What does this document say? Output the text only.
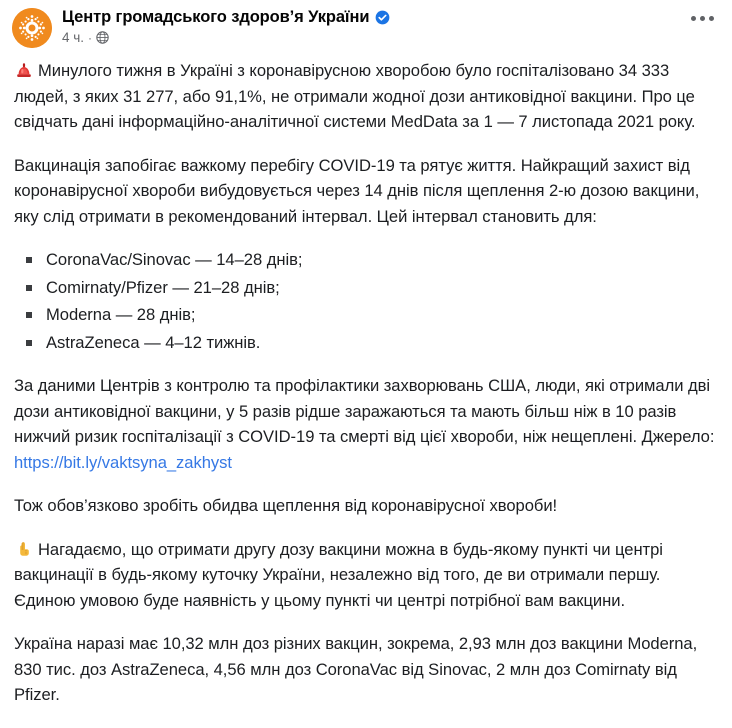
Центр громадського здоров’я України
4 ч. ·

Минулого тижня в Україні з коронавірусною хворобою було госпіталізовано 34 333 людей, з яких 31 277, або 91,1%, не отримали жодної дози антиковідної вакцини. Про це свідчать дані інформаційно-аналітичної системи MedData за 1 — 7 листопада 2021 року.

Вакцинація запобігає важкому перебігу COVID-19 та рятує життя. Найкращий захист від коронавірусної хвороби вибудовується через 14 днів після щеплення 2-ю дозою вакцини, яку слід отримати в рекомендований інтервал. Цей інтервал становить для:

CoronaVac/Sinovac — 14–28 днів;
Comirnaty/Pfizer — 21–28 днів;
Moderna — 28 днів;
AstraZeneca — 4–12 тижнів.

За даними Центрів з контролю та профілактики захворювань США, люди, які отримали дві дози антиковідної вакцини, у 5 разів рідше заражаються та мають більш ніж в 10 разів нижчий ризик госпіталізації з COVID-19 та смерті від цієї хвороби, ніж нещеплені. Джерело: https://bit.ly/vaktsyna_zakhyst

Тож обов’язково зробіть обидва щеплення від коронавірусної хвороби!

Нагадаємо, що отримати другу дозу вакцини можна в будь-якому пункті чи центрі вакцинації в будь-якому куточку України, незалежно від того, де ви отримали першу. Єдиною умовою буде наявність у цьому пункті чи центрі потрібної вам вакцини.

Україна наразі має 10,32 млн доз різних вакцин, зокрема, 2,93 млн доз вакцини Moderna, 830 тис. доз AstraZeneca, 4,56 млн доз CoronaVac від Sinovac, 2 млн доз Comirnaty від Pfizer.
